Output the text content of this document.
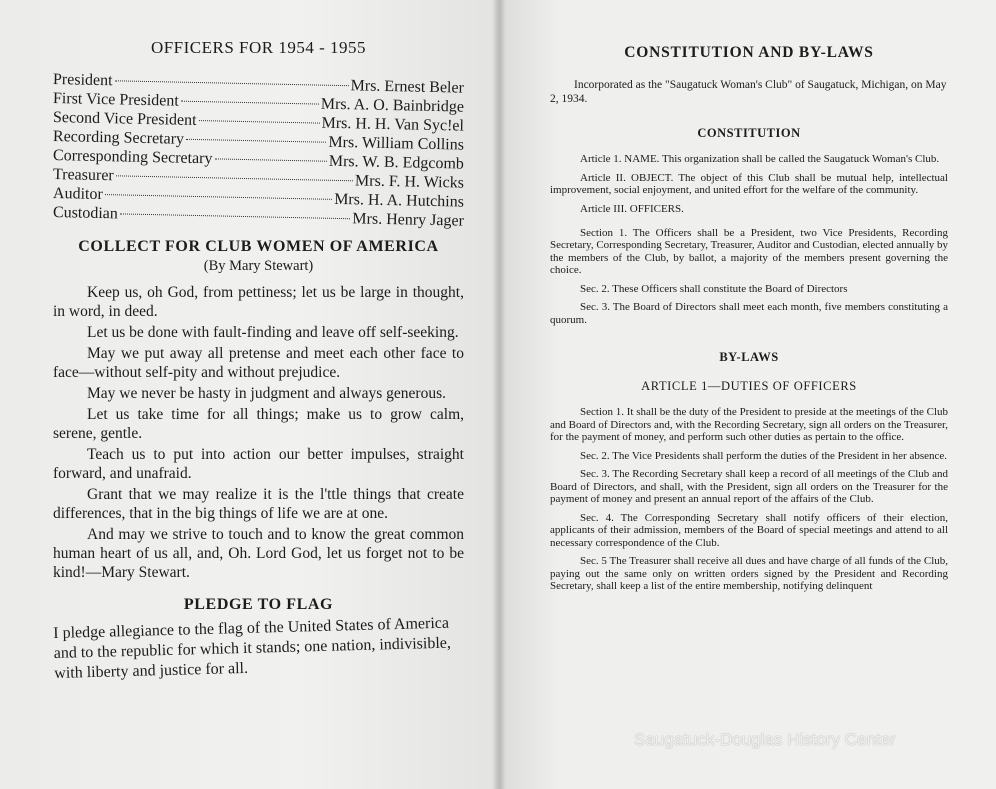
OFFICERS FOR 1954 - 1955
President	Mrs. Ernest Beler
First Vice President	Mrs. A. O. Bainbridge
Second Vice President	Mrs. H. H. Van Syc!el
Recording Secretary	Mrs. William Collins
Corresponding Secretary	Mrs. W. B. Edgcomb
Treasurer	Mrs. F. H. Wicks
Auditor	Mrs. H. A. Hutchins
Custodian	Mrs. Henry Jager
COLLECT FOR CLUB WOMEN OF AMERICA
(By Mary Stewart)

Keep us, oh God, from pettiness; let us be large in thought, in word, in deed.

Let us be done with fault-finding and leave off self-seeking.

May we put away all pretense and meet each other face to face—without self-pity and without prejudice.

May we never be hasty in judgment and always generous.

Let us take time for all things; make us to grow calm, serene, gentle.

Teach us to put into action our better impulses, straight forward, and unafraid.

Grant that we may realize it is the l'ttle things that create differences, that in the big things of life we are at one.

And may we strive to touch and to know the great common human heart of us all, and, Oh. Lord God, let us forget not to be kind!—Mary Stewart.

PLEDGE TO FLAG

I pledge allegiance to the flag of the United States of America and to the republic for which it stands; one nation, indivisible, with liberty and justice for all.

CONSTITUTION AND BY-LAWS

Incorporated as the "Saugatuck Woman's Club" of Saugatuck, Michigan, on May 2, 1934.

CONSTITUTION

Article 1. NAME. This organization shall be called the Saugatuck Woman's Club.

Article II. OBJECT. The object of this Club shall be mutual help, intellectual improvement, social enjoyment, and united effort for the welfare of the community.

Article III. OFFICERS.

Section 1. The Officers shall be a President, two Vice Presidents, Recording Secretary, Corresponding Secretary, Treasurer, Auditor and Custodian, elected annually by the members of the Club, by ballot, a majority of the members present governing the choice.

Sec. 2. These Officers shall constitute the Board of Directors

Sec. 3. The Board of Directors shall meet each month, five members constituting a quorum.

BY-LAWS
ARTICLE 1—DUTIES OF OFFICERS

Section 1. It shall be the duty of the President to preside at the meetings of the Club and Board of Directors and, with the Recording Secretary, sign all orders on the Treasurer, for the payment of money, and perform such other duties as pertain to the office.

Sec. 2. The Vice Presidents shall perform the duties of the President in her absence.

Sec. 3. The Recording Secretary shall keep a record of all meetings of the Club and Board of Directors, and shall, with the President, sign all orders on the Treasurer for the payment of money and present an annual report of the affairs of the Club.

Sec. 4. The Corresponding Secretary shall notify officers of their election, applicants of their admission, members of the Board of special meetings and attend to all necessary correspondence of the Club.

Sec. 5 The Treasurer shall receive all dues and have charge of all funds of the Club, paying out the same only on written orders signed by the President and Recording Secretary, shall keep a list of the entire membership, notifying delinquent

Saugatuck-Douglas History Center
